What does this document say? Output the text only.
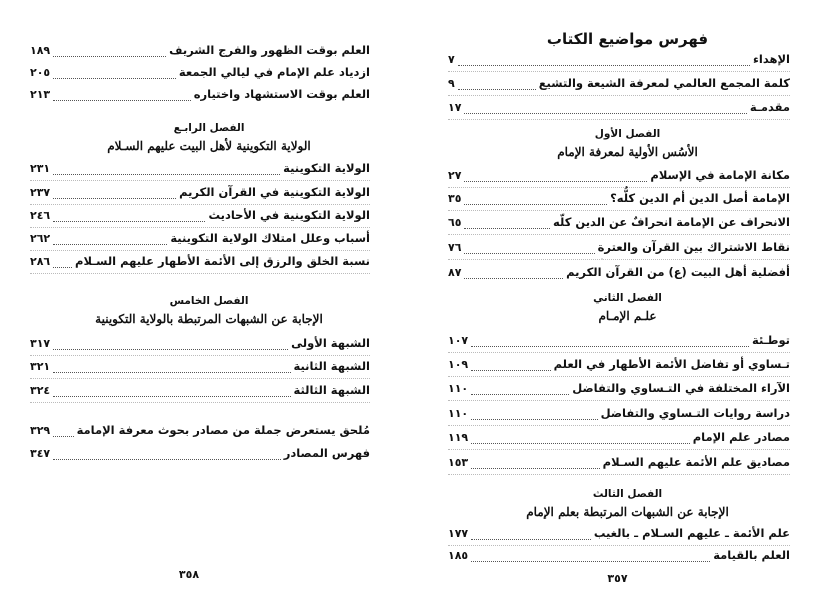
العلم بوقت الظهور والفرج الشريف
١٨٩
ازدياد علم الإمام في ليالي الجمعة
٢٠٥
العلم بوقت الاستشهاد واختياره
٢١٣
الفصل الرابـع
الولاية التكوينية لأهل البيت عليهم السـلام
الولاية التكوينية
٢٣١
الولاية التكوينية في القرآن الكريم
٢٣٧
الولاية التكوينية في الأحاديث
٢٤٦
أسباب وعلل امتلاك الولاية التكوينية
٢٦٢
نسبة الخلق والرزق إلى الأئمة الأطهار عليهم السـلام
٢٨٦
الفصل الخامس
الإجابة عن الشبهات المرتبطة بالولاية التكوينية
الشبهة الأولى
٣١٧
الشبهة الثانية
٣٢١
الشبهة الثالثة
٣٢٤
مُلحق يستعرض جملة من مصادر بحوث معرفة الإمامة
٣٢٩
فهرس المصادر
٣٤٧
٣٥٨
فهرس مواضيع الكتاب
الإهداء
٧
كلمة المجمع العالمي لمعرفة الشيعة والتشيع
٩
مقدمـة
١٧
الفصل الأول
الأسُس الأولية لمعرفة الإمام
مكانة الإمامة في الإسلام
٢٧
الإمامة أصل الدين أم الدين كلُّه؟
٣٥
الانحراف عن الإمامة انحرافٌ عن الدين كلّه
٦٥
نقاط الاشتراك بين القرآن والعترة
٧٦
أفضلية أهل البيت (ع) من القرآن الكريم
٨٧
الفصل الثاني
علـم الإمـام
توطـئة
١٠٧
تـساوي أو تفاضل الأئمة الأطهار في العلم
١٠٩
الآراء المختلفة في التـساوي والتفاضل
١١٠
دراسة روايات التـساوي والتفاضل
١١٠
مصادر علم الإمام
١١٩
مصاديق علم الأئمة عليهم السـلام
١٥٣
الفصل الثالث
الإجابة عن الشبهات المرتبطة بعلم الإمام
علم الأئمة ـ عليهم السـلام ـ بالغيب
١٧٧
العلم بالقيامة
١٨٥
٣٥٧
